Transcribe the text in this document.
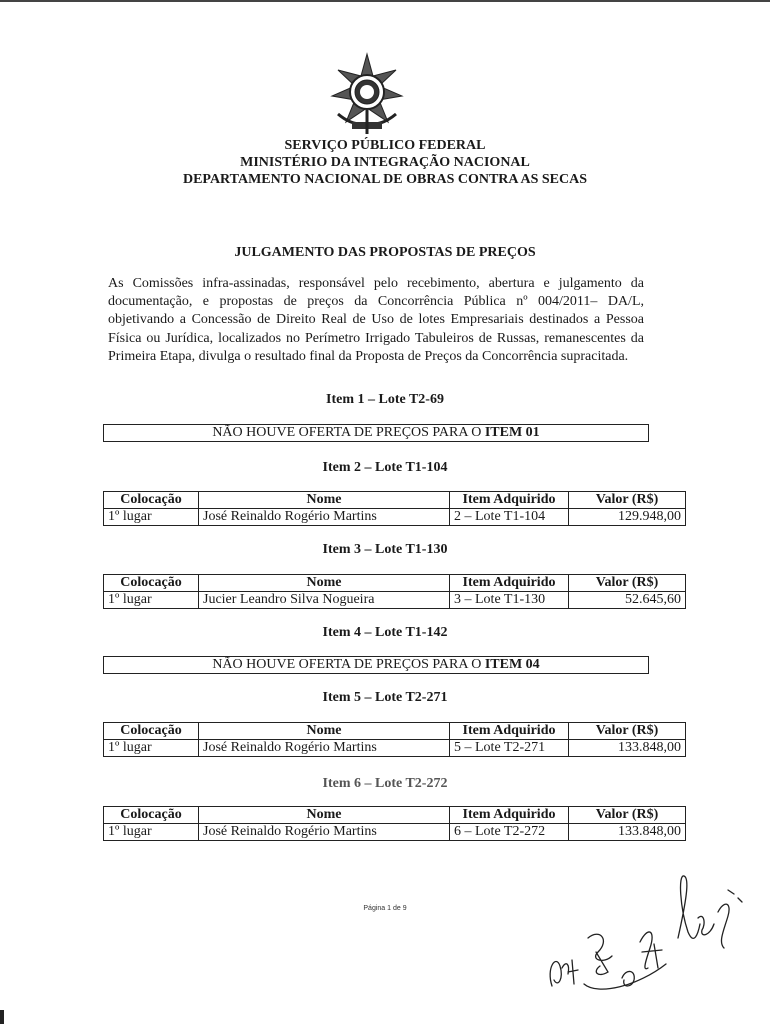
SERVIÇO PÚBLICO FEDERAL
MINISTÉRIO DA INTEGRAÇÃO NACIONAL
DEPARTAMENTO NACIONAL DE OBRAS CONTRA AS SECAS
JULGAMENTO DAS PROPOSTAS DE PREÇOS
As Comissões infra-assinadas, responsável pelo recebimento, abertura e julgamento da documentação, e propostas de preços da Concorrência Pública nº 004/2011– DA/L, objetivando a Concessão de Direito Real de Uso de lotes Empresariais destinados a Pessoa Física ou Jurídica, localizados no Perímetro Irrigado Tabuleiros de Russas, remanescentes da Primeira Etapa, divulga o resultado final da Proposta de Preços da Concorrência supracitada.
Item 1 – Lote T2-69
NÃO HOUVE OFERTA DE PREÇOS PARA O ITEM 01
Item 2 – Lote T1-104
Colocação	Nome	Item Adquirido	Valor (R$)
1º lugar	José Reinaldo Rogério Martins	2 – Lote T1-104	129.948,00
Item 3 – Lote T1-130
Colocação	Nome	Item Adquirido	Valor (R$)
1º lugar	Jucier Leandro Silva Nogueira	3 – Lote T1-130	52.645,60
Item 4 – Lote T1-142
NÃO HOUVE OFERTA DE PREÇOS PARA O ITEM 04
Item 5 – Lote T2-271
Colocação	Nome	Item Adquirido	Valor (R$)
1º lugar	José Reinaldo Rogério Martins	5 – Lote T2-271	133.848,00
Item 6 – Lote T2-272
Colocação	Nome	Item Adquirido	Valor (R$)
1º lugar	José Reinaldo Rogério Martins	6 – Lote T2-272	133.848,00
Página 1 de 9
